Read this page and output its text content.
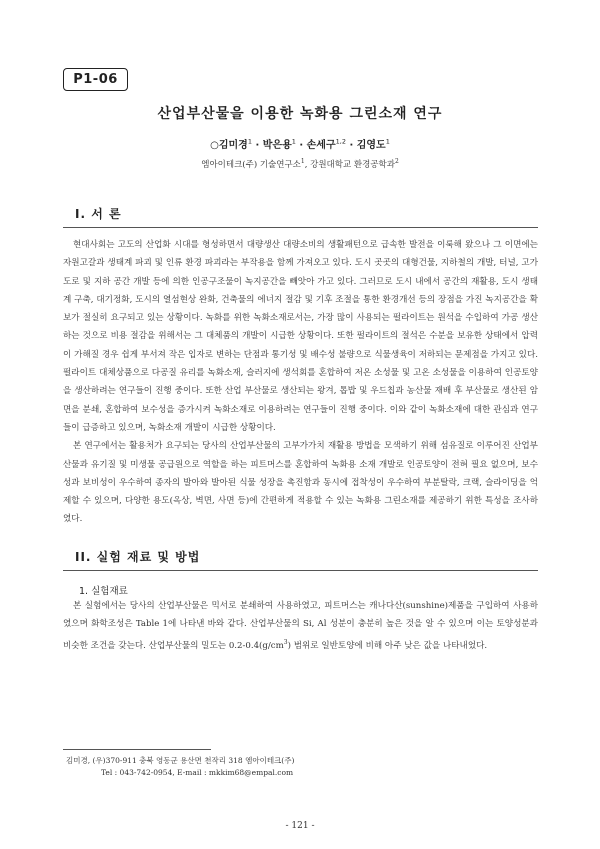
P1-06
산업부산물을 이용한 녹화용 그린소재 연구
○김미경$^1$ · 박은용$^1$ · 손세구$^{1,2}$ · 김영도$^1$
엠아이테크(주) 기술연구소$^1$, 강원대학교 환경공학과$^2$
I. 서 론

현대사회는 고도의 산업화 시대를 형성하면서 대량생산 대량소비의 생활패턴으로 급속한 발전을 이룩해 왔으나 그 이면에는 자원고갈과 생태계 파괴 및 인류 환경 파괴라는 부작용을 함께 가져오고 있다. 도시 곳곳의 대형건물, 지하철의 개발, 터널, 고가도로 및 지하 공간 개발 등에 의한 인공구조물이 녹지공간을 빼앗아 가고 있다. 그러므로 도시 내에서 공간의 재활용, 도시 생태계 구축, 대기정화, 도시의 열섬현상 완화, 건축물의 에너지 절감 및 기후 조절을 통한 환경개선 등의 장점을 가진 녹지공간을 확보가 절실히 요구되고 있는 상황이다. 녹화를 위한 녹화소재로서는, 가장 많이 사용되는 펄라이트는 원석을 수입하여 가공 생산하는 것으로 비용 절감을 위해서는 그 대체품의 개발이 시급한 상황이다. 또한 펄라이트의 절석은 수분을 보유한 상태에서 압력이 가해질 경우 쉽게 부서져 작은 입자로 변하는 단점과 통기성 및 배수성 불량으로 식물생육이 저하되는 문제점을 가지고 있다. 펄라이트 대체상품으로 다공질 유리를 녹화소재, 슬러지에 생석회를 혼합하여 저온 소성물 및 고온 소성물을 이용하여 인공토양을 생산하려는 연구들이 진행 중이다. 또한 산업 부산물로 생산되는 왕겨, 톱밥 및 우드칩과 농산물 재배 후 부산물로 생산된 암면을 분쇄, 혼합하여 보수성을 증가시켜 녹화소재로 이용하려는 연구들이 진행 중이다. 이와 같이 녹화소재에 대한 관심과 연구들이 급증하고 있으며, 녹화소재 개발이 시급한 상황이다.

본 연구에서는 활용처가 요구되는 당사의 산업부산물의 고부가가치 재활용 방법을 모색하기 위해 섬유질로 이루어진 산업부산물과 유기질 및 미생물 공급원으로 역할을 하는 피트머스를 혼합하여 녹화용 소재 개발로 인공토양이 전혀 필요 없으며, 보수성과 보비성이 우수하여 종자의 발아와 발아된 식물 성장을 촉진함과 동시에 접착성이 우수하여 부분탈락, 크랙, 슬라이딩을 억제할 수 있으며, 다양한 용도(옥상, 벽면, 사면 등)에 간편하게 적용할 수 있는 녹화용 그린소재를 제공하기 위한 특성을 조사하였다.

II. 실험 재료 및 방법
1. 실험재료

본 실험에서는 당사의 산업부산물은 믹서로 분쇄하여 사용하였고, 피트머스는 캐나다산(sunshine)제품을 구입하여 사용하였으며 화학조성은 Table 1에 나타낸 바와 같다. 산업부산물의 Si, Al 성분이 충분히 높은 것을 알 수 있으며 이는 토양성분과 비슷한 조건을 갖는다. 산업부산물의 밀도는 $0.2-0.4(g/cm^3)$ 범위로 일반토양에 비해 아주 낮은 값을 나타내었다.

김미경, (우)370-911 충북 영동군 용산면 천작리 318 엠아이테크(주)
Tel : 043-742-0954, E-mail : mkkim68@empal.com
- 121 -
